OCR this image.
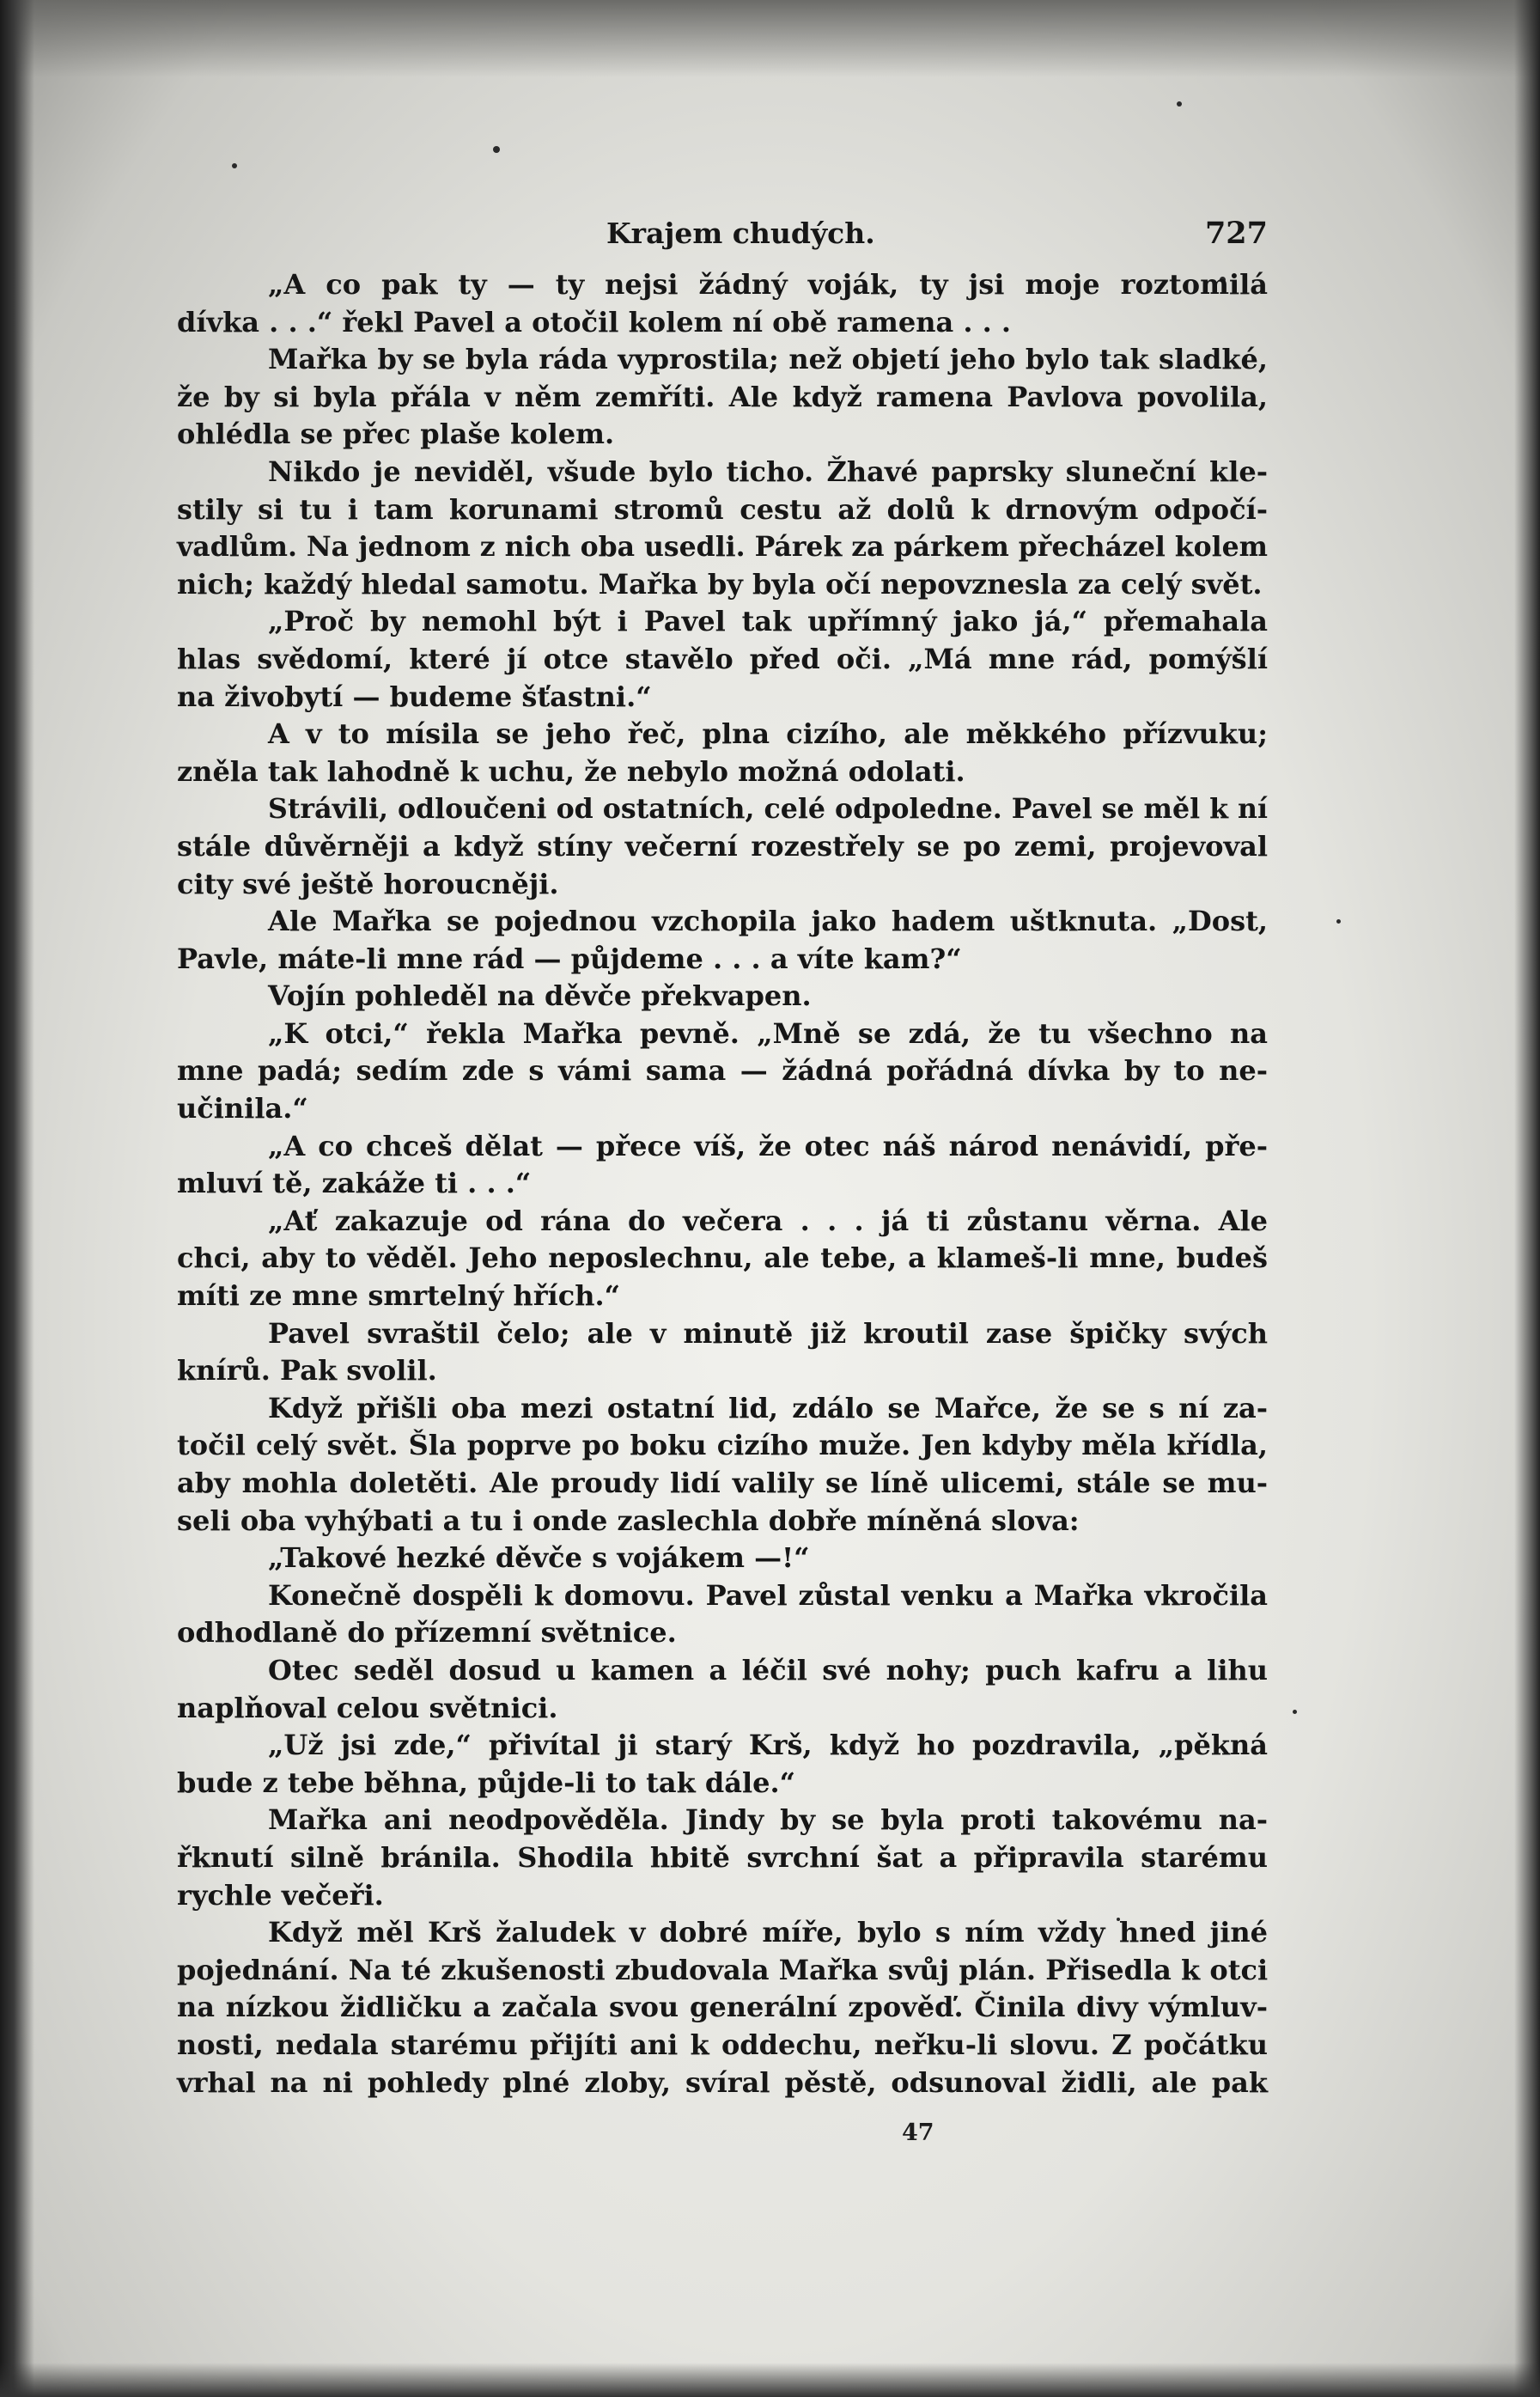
Krajem chudých.	727
„A co pak ty — ty nejsi žádný voják, ty jsi moje roztomilá
dívka . . .“ řekl Pavel a otočil kolem ní obě ramena . . .
Mařka by se byla ráda vyprostila; než objetí jeho bylo tak sladké,
že by si byla přála v něm zemříti. Ale když ramena Pavlova povolila,
ohlédla se přec plaše kolem.
Nikdo je neviděl, všude bylo ticho. Žhavé paprsky sluneční kle-
stily si tu i tam korunami stromů cestu až dolů k drnovým odpočí-
vadlům. Na jednom z nich oba usedli. Párek za párkem přecházel kolem
nich; každý hledal samotu. Mařka by byla očí nepovznesla za celý svět.
„Proč by nemohl být i Pavel tak upřímný jako já,“ přemahala
hlas svědomí, které jí otce stavělo před oči. „Má mne rád, pomýšlí
na živobytí — budeme šťastni.“
A v to mísila se jeho řeč, plna cizího, ale měkkého přízvuku;
zněla tak lahodně k uchu, že nebylo možná odolati.
Strávili, odloučeni od ostatních, celé odpoledne. Pavel se měl k ní
stále důvěrněji a když stíny večerní rozestřely se po zemi, projevoval
city své ještě horoucněji.
Ale Mařka se pojednou vzchopila jako hadem uštknuta. „Dost,
Pavle, máte-li mne rád — půjdeme . . . a víte kam?“
Vojín pohleděl na děvče překvapen.
„K otci,“ řekla Mařka pevně. „Mně se zdá, že tu všechno na
mne padá; sedím zde s vámi sama — žádná pořádná dívka by to ne-
učinila.“
„A co chceš dělat — přece víš, že otec náš národ nenávidí, pře-
mluví tě, zakáže ti . . .“
„Ať zakazuje od rána do večera . . . já ti zůstanu věrna. Ale
chci, aby to věděl. Jeho neposlechnu, ale tebe, a klameš-li mne, budeš
míti ze mne smrtelný hřích.“
Pavel svraštil čelo; ale v minutě již kroutil zase špičky svých
knírů. Pak svolil.
Když přišli oba mezi ostatní lid, zdálo se Mařce, že se s ní za-
točil celý svět. Šla poprve po boku cizího muže. Jen kdyby měla křídla,
aby mohla doletěti. Ale proudy lidí valily se líně ulicemi, stále se mu-
seli oba vyhýbati a tu i onde zaslechla dobře míněná slova:
„Takové hezké děvče s vojákem —!“
Konečně dospěli k domovu. Pavel zůstal venku a Mařka vkročila
odhodlaně do přízemní světnice.
Otec seděl dosud u kamen a léčil své nohy; puch kafru a lihu
naplňoval celou světnici.
„Už jsi zde,“ přivítal ji starý Krš, když ho pozdravila, „pěkná
bude z tebe běhna, půjde-li to tak dále.“
Mařka ani neodpověděla. Jindy by se byla proti takovému na-
řknutí silně bránila. Shodila hbitě svrchní šat a připravila starému
rychle večeři.
Když měl Krš žaludek v dobré míře, bylo s ním vždy hned jiné
pojednání. Na té zkušenosti zbudovala Mařka svůj plán. Přisedla k otci
na nízkou židličku a začala svou generální zpověď. Činila divy výmluv-
nosti, nedala starému přijíti ani k oddechu, neřku-li slovu. Z počátku
vrhal na ni pohledy plné zloby, svíral pěstě, odsunoval židli, ale pak
47
